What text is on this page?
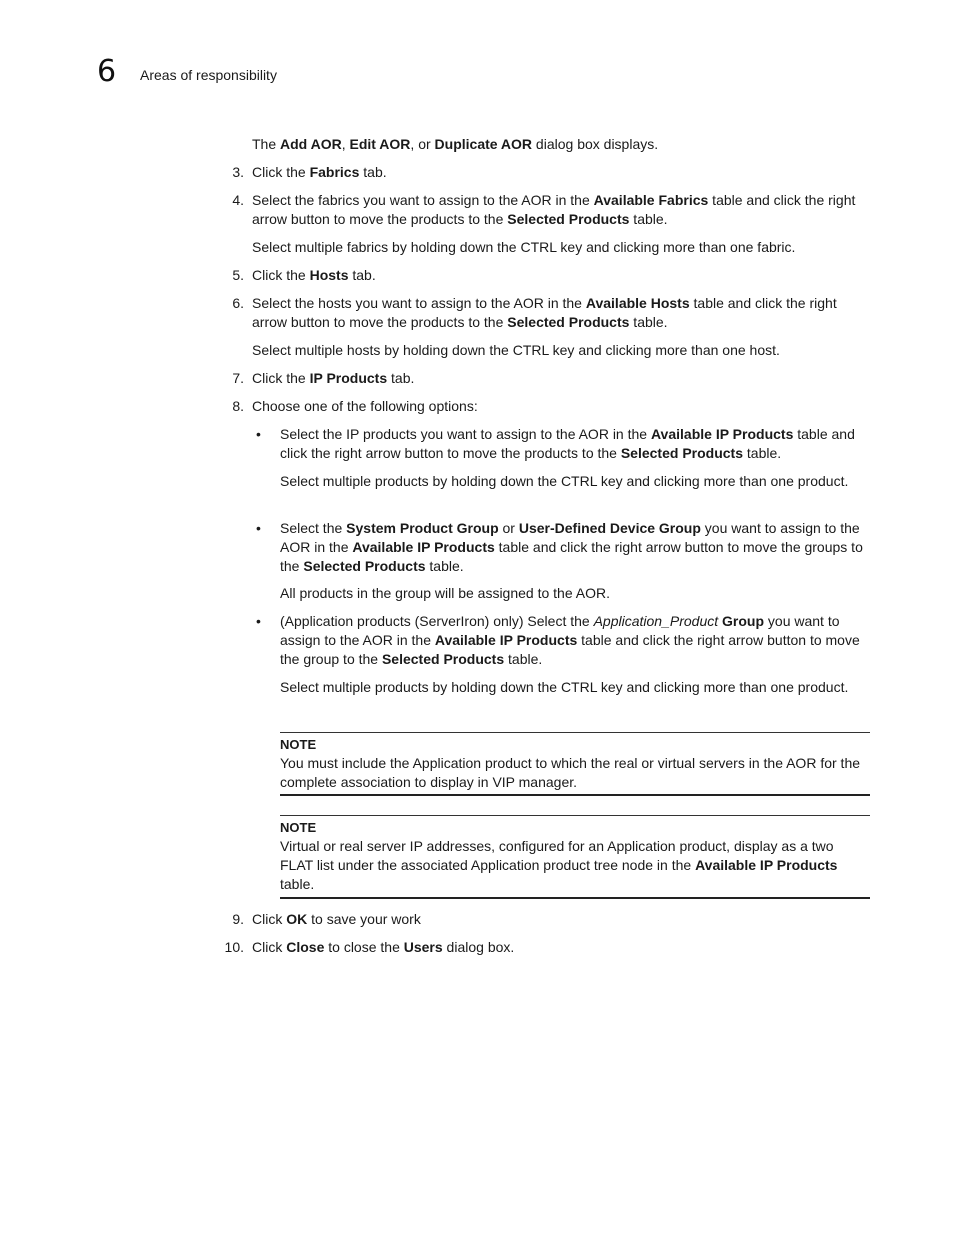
6 Areas of responsibility
The Add AOR, Edit AOR, or Duplicate AOR dialog box displays.
3. Click the Fabrics tab.
4. Select the fabrics you want to assign to the AOR in the Available Fabrics table and click the right arrow button to move the products to the Selected Products table.
Select multiple fabrics by holding down the CTRL key and clicking more than one fabric.
5. Click the Hosts tab.
6. Select the hosts you want to assign to the AOR in the Available Hosts table and click the right arrow button to move the products to the Selected Products table.
Select multiple hosts by holding down the CTRL key and clicking more than one host.
7. Click the IP Products tab.
8. Choose one of the following options:
• Select the IP products you want to assign to the AOR in the Available IP Products table and click the right arrow button to move the products to the Selected Products table.
Select multiple products by holding down the CTRL key and clicking more than one product.
• Select the System Product Group or User-Defined Device Group you want to assign to the AOR in the Available IP Products table and click the right arrow button to move the groups to the Selected Products table.
All products in the group will be assigned to the AOR.
• (Application products (ServerIron) only) Select the Application_Product Group you want to assign to the AOR in the Available IP Products table and click the right arrow button to move the group to the Selected Products table.
Select multiple products by holding down the CTRL key and clicking more than one product.
NOTE
You must include the Application product to which the real or virtual servers in the AOR for the complete association to display in VIP manager.
NOTE
Virtual or real server IP addresses, configured for an Application product, display as a two FLAT list under the associated Application product tree node in the Available IP Products table.
9. Click OK to save your work
10. Click Close to close the Users dialog box.
